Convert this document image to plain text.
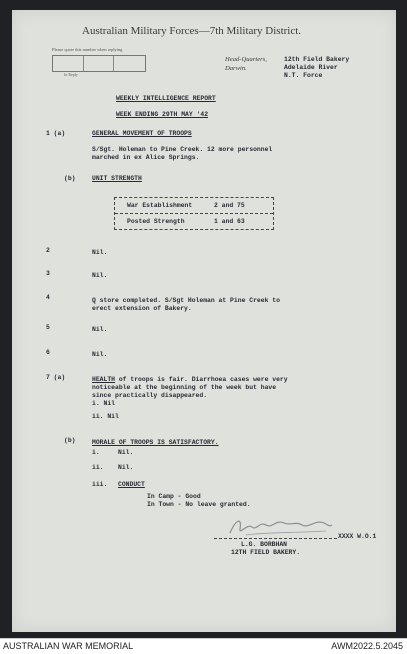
Australian Military Forces—7th Military District.
Please quote this number when replying
In Reply
Head-Quarters,
Darwin.
12th Field Bakery
Adelaide River
N.T. Force
WEEKLY INTELLIGENCE REPORT
WEEK ENDING 29TH MAY '42
1 (a)	GENERAL MOVEMENT OF TROOPS
S/Sgt. Holeman to Pine Creek. 12 more personnel
marched in ex Alice Springs.
(b)	UNIT STRENGTH
War Establishment	2 and 75
Posted Strength	1 and 63
2	Nil.
3	Nil.
4	Q store completed. S/Sgt Holeman at Pine Creek to
erect extension of Bakery.
5	Nil.
6	Nil.
7 (a)	HEALTH of troops is fair. Diarrhoea cases were very
noticeable at the beginning of the week but have
since practically disappeared.
i. Nil
ii. Nil
(b)	MORALE OF TROOPS IS SATISFACTORY.
i.	Nil.
ii. Nil.
iii. CONDUCT
In Camp - Good
In Town - No leave granted.
XXXX W.O.1
L.G. BORBHAN
12TH FIELD BAKERY.
AUSTRALIAN WAR MEMORIAL	AWM2022.5.2045
